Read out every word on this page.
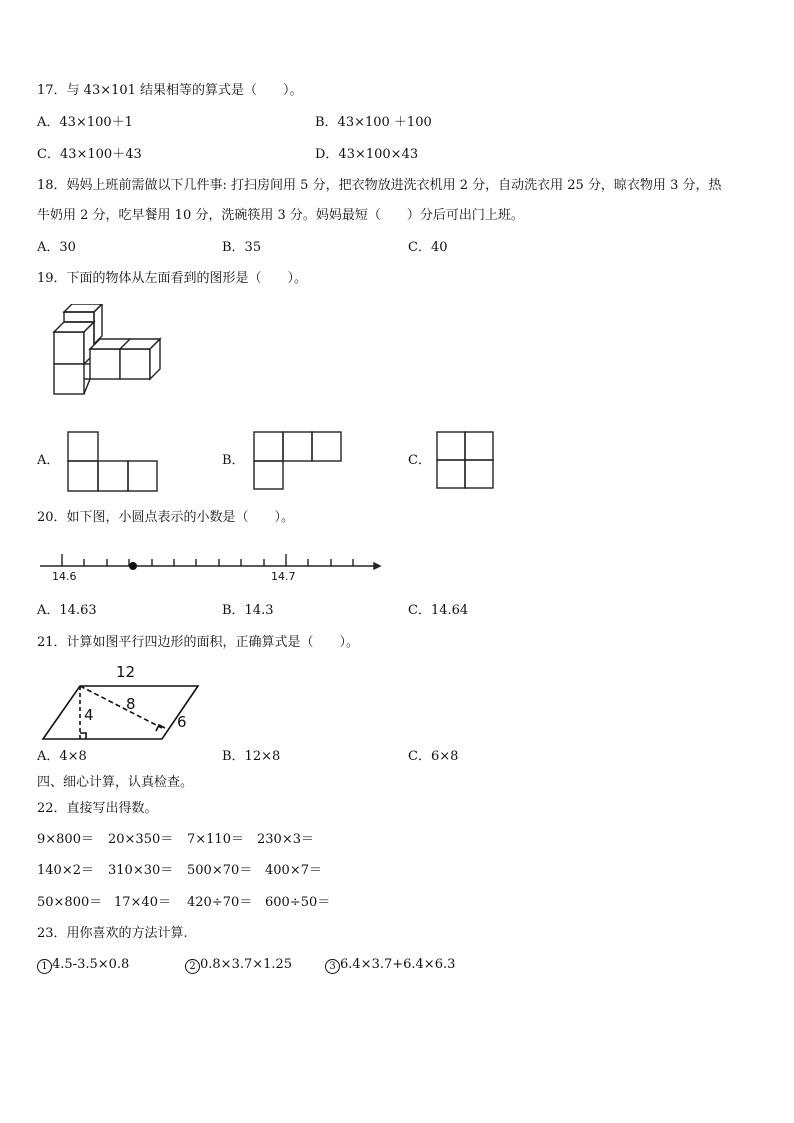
17．与 43×101 结果相等的算式是（　　）。
A．43×100＋1	B．43×100 ＋100
C．43×100＋43	D．43×100×43
18．妈妈上班前需做以下几件事: 打扫房间用 5 分，把衣物放进洗衣机用 2 分，自动洗衣用 25 分，晾衣物用 3 分，热
牛奶用 2 分，吃早餐用 10 分，洗碗筷用 3 分。妈妈最短（　　）分后可出门上班。
A．30	B．35	C．40
19．下面的物体从左面看到的图形是（　　）。
A．	B．	C．
20．如下图，小圆点表示的小数是（　　）。
14.6	14.7
A．14.63	B．14.3	C．14.64
21．计算如图平行四边形的面积，正确算式是（　　）。
12
4
8
6
A．4×8	B．12×8	C．6×8
四、细心计算，认真检查。
22．直接写出得数。
9×800＝ 20×350＝ 7×110＝ 230×3＝
140×2＝ 310×30＝ 500×70＝ 400×7＝
50×800＝ 17×40＝ 420÷70＝ 600÷50＝
23．用你喜欢的方法计算.
1 4.5-3.5×0.8	2 0.8×3.7×1.25	3 6.4×3.7+6.4×6.3
